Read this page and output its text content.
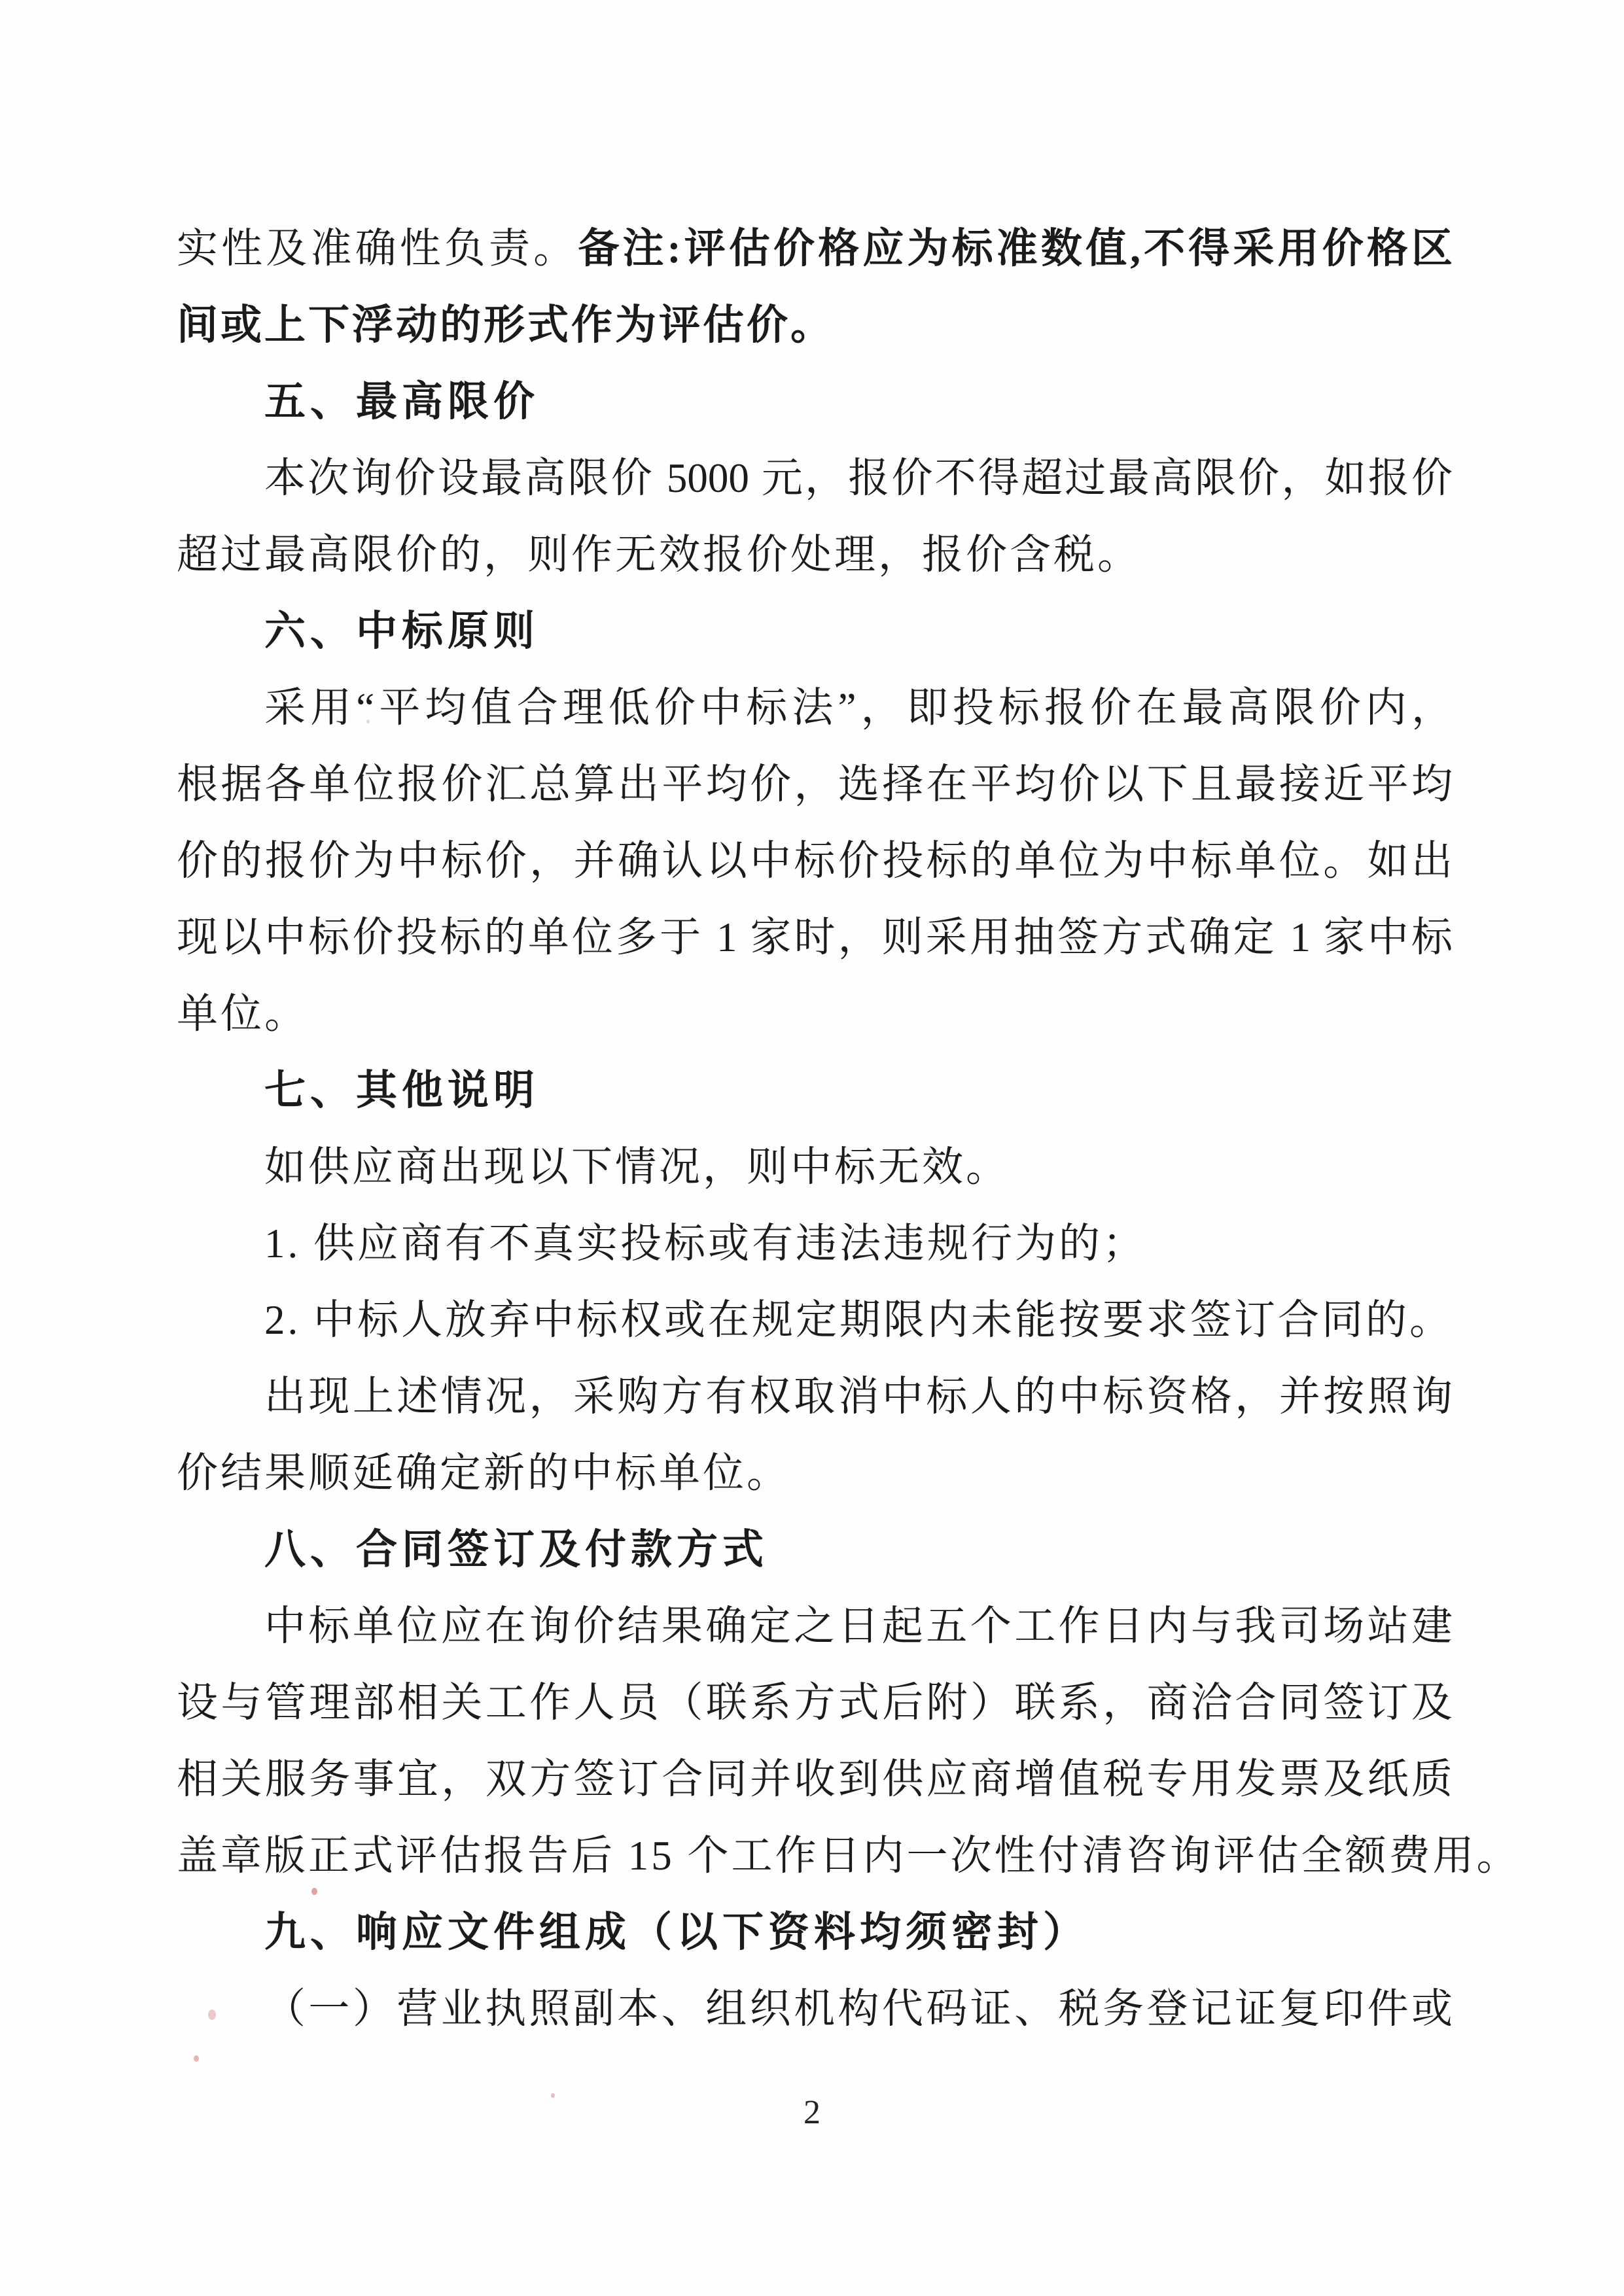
实性及准确性负责。备注:评估价格应为标准数值,不得采用价格区
间或上下浮动的形式作为评估价。
五、最高限价
本次询价设最高限价 5000 元，报价不得超过最高限价，如报价
超过最高限价的，则作无效报价处理，报价含税。
六、中标原则
采用“平均值合理低价中标法”，即投标报价在最高限价内，
根据各单位报价汇总算出平均价，选择在平均价以下且最接近平均
价的报价为中标价，并确认以中标价投标的单位为中标单位。如出
现以中标价投标的单位多于 1 家时，则采用抽签方式确定 1 家中标
单位。
七、其他说明
如供应商出现以下情况，则中标无效。
1. 供应商有不真实投标或有违法违规行为的；
2. 中标人放弃中标权或在规定期限内未能按要求签订合同的。
出现上述情况，采购方有权取消中标人的中标资格，并按照询
价结果顺延确定新的中标单位。
八、合同签订及付款方式
中标单位应在询价结果确定之日起五个工作日内与我司场站建
设与管理部相关工作人员（联系方式后附）联系，商洽合同签订及
相关服务事宜，双方签订合同并收到供应商增值税专用发票及纸质
盖章版正式评估报告后 15 个工作日内一次性付清咨询评估全额费用。
九、响应文件组成（以下资料均须密封）
（一）营业执照副本、组织机构代码证、税务登记证复印件或
2
